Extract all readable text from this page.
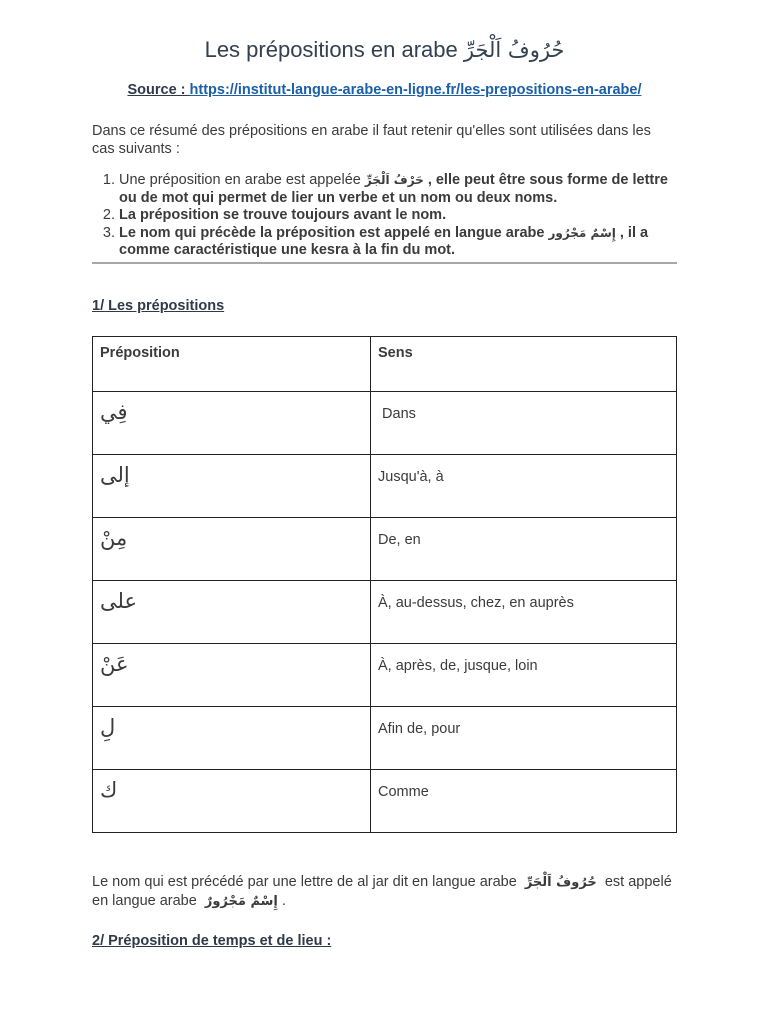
Les prépositions en arabe حُرُوفُ اَلْجَرِّ
Source : https://institut-langue-arabe-en-ligne.fr/les-prepositions-en-arabe/
Dans ce résumé des prépositions en arabe il faut retenir qu'elles sont utilisées dans les cas suivants :
1. Une préposition en arabe est appelée حَرْفُ اَلْجَرِّ , elle peut être sous forme de lettre ou de mot qui permet de lier un verbe et un nom ou deux noms.
2. La préposition se trouve toujours avant le nom.
3. Le nom qui précède la préposition est appelé en langue arabe إِسْمٌ مَجْرُور , il a comme caractéristique une kesra à la fin du mot.
1/ Les prépositions
Préposition	Sens
فِي	Dans
إلى	Jusqu'à, à
مِنْ	De, en
على	À, au-dessus, chez, en auprès
عَنْ	À, après, de, jusque, loin
لِ	Afin de, pour
ك	Comme
Le nom qui est précédé par une lettre de al jar dit en langue arabe حُرُوفُ اَلْجَرِّ est appelé en langue arabe إِسْمٌ مَجْرُورٌ .
2/ Préposition de temps et de lieu :
